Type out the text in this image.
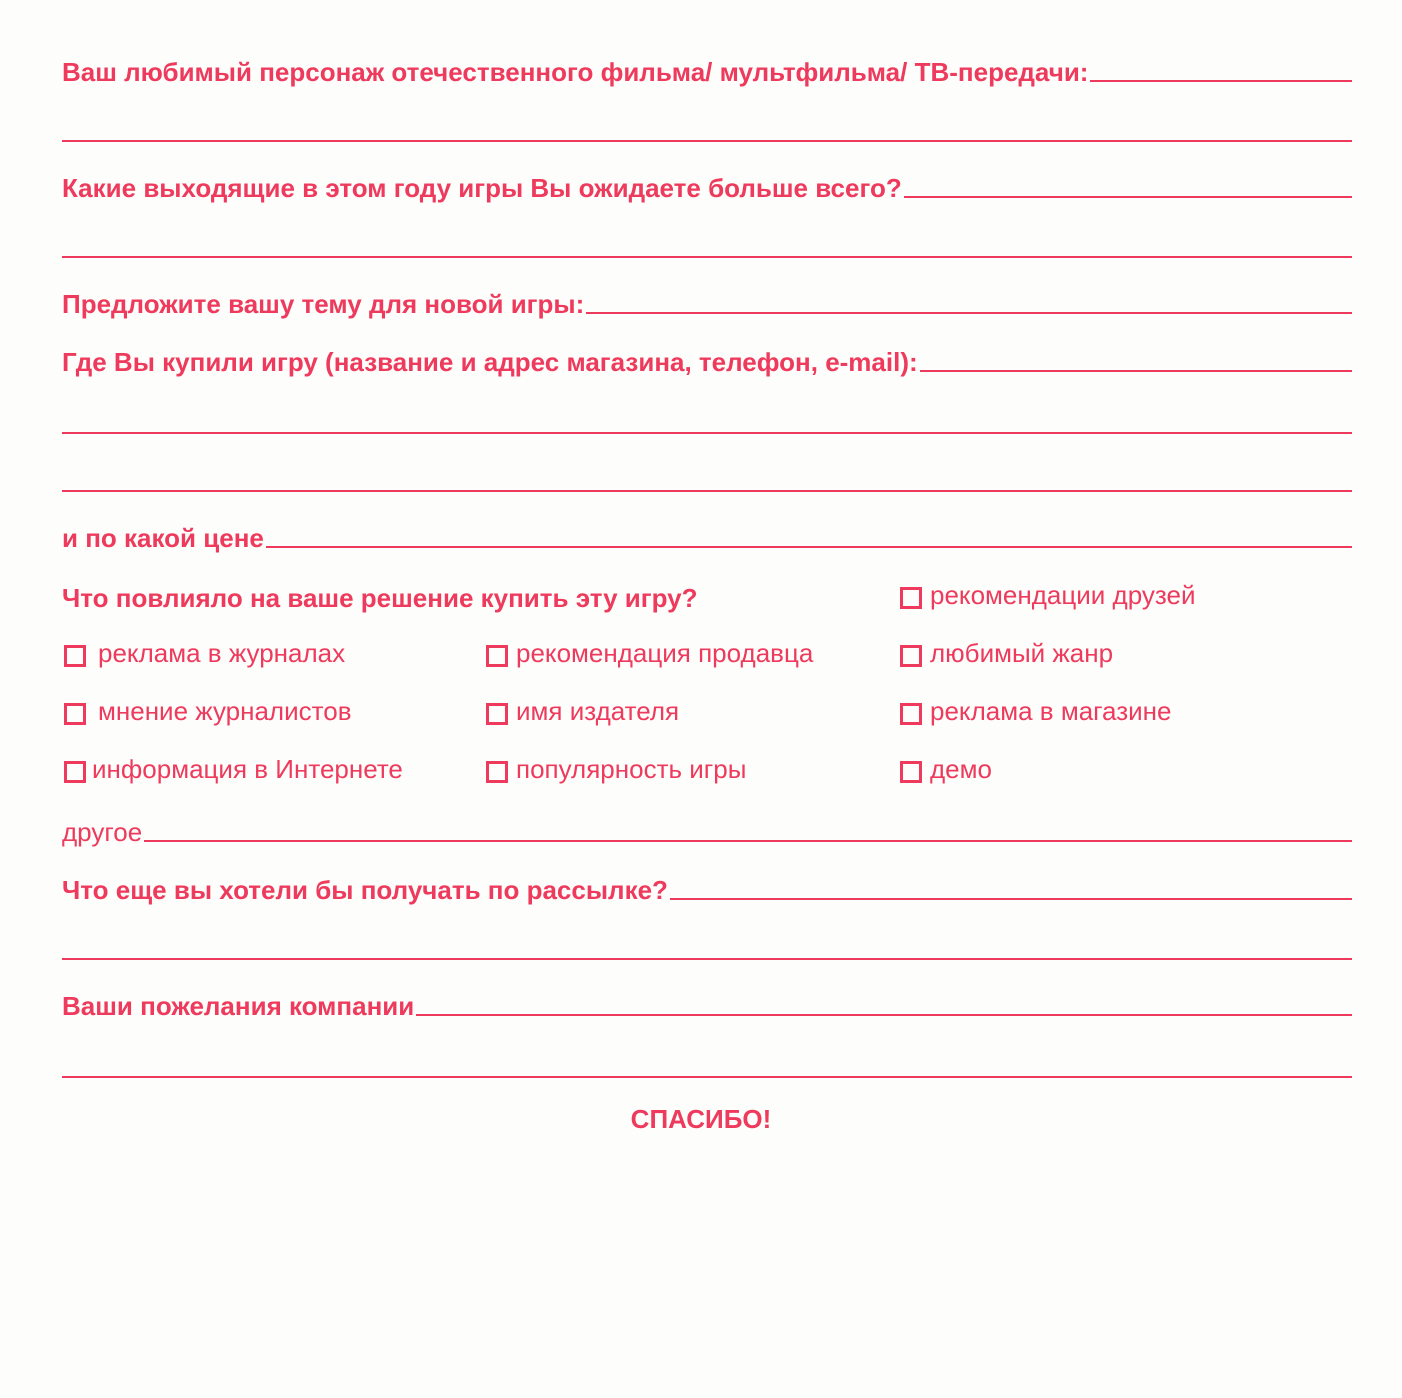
Ваш любимый персонаж отечественного фильма/ мультфильма/ ТВ-передачи:
Какие выходящие в этом году игры Вы ожидаете больше всего?
Предложите вашу тему для новой игры:
Где Вы купили игру (название и адрес магазина, телефон, e-mail):
и по какой цене
Что повлияло на ваше решение купить эту игру?	рекомендации друзей
любимый жанр
реклама в магазине
демо
реклама в журналах
мнение журналистов
информация в Интернете
рекомендация продавца
имя издателя
популярность игры
другое
Что еще вы хотели бы получать по рассылке?
Ваши пожелания компании
СПАСИБО!
